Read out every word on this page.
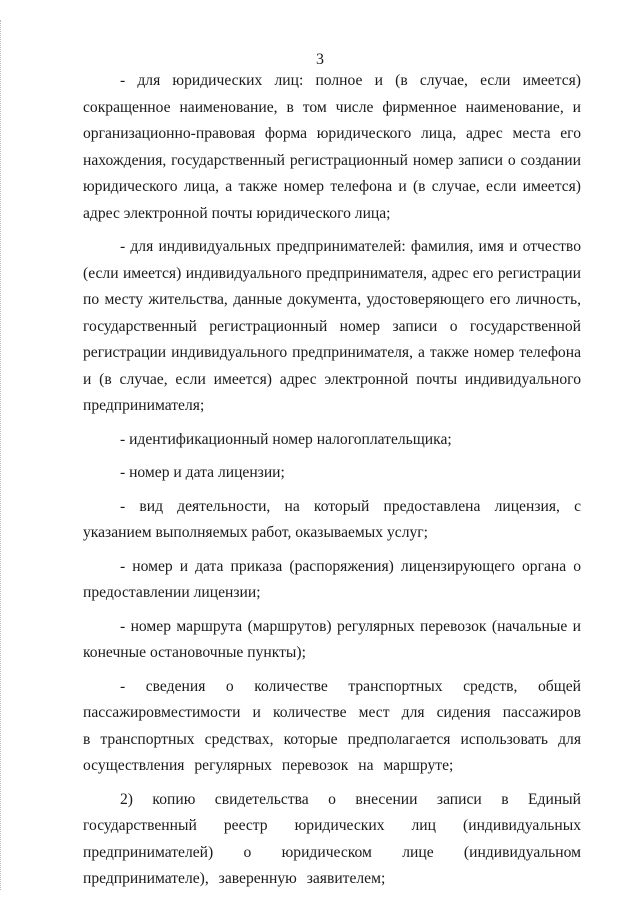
3

- для юридических лиц: полное и (в случае, если имеется) сокращенное наименование, в том числе фирменное наименование, и организационно-правовая форма юридического лица, адрес места его нахождения, государственный регистрационный номер записи о создании юридического лица, а также номер телефона и (в случае, если имеется) адрес электронной почты юридического лица;

- для индивидуальных предпринимателей: фамилия, имя и отчество (если имеется) индивидуального предпринимателя, адрес его регистрации по месту жительства, данные документа, удостоверяющего его личность, государственный регистрационный номер записи о государственной регистрации индивидуального предпринимателя, а также номер телефона и (в случае, если имеется) адрес электронной почты индивидуального предпринимателя;

- идентификационный номер налогоплательщика;

- номер и дата лицензии;

- вид деятельности, на который предоставлена лицензия, с указанием выполняемых работ, оказываемых услуг;

- номер и дата приказа (распоряжения) лицензирующего органа о предоставлении лицензии;

- номер маршрута (маршрутов) регулярных перевозок (начальные и конечные остановочные пункты);

- сведения о количестве транспортных средств, общей пассажировместимости и количестве мест для сидения пассажиров в транспортных средствах, которые предполагается использовать для осуществления регулярных перевозок на маршруте;

2) копию свидетельства о внесении записи в Единый государственный реестр юридических лиц (индивидуальных предпринимателей) о юридическом лице (индивидуальном предпринимателе), заверенную заявителем;
